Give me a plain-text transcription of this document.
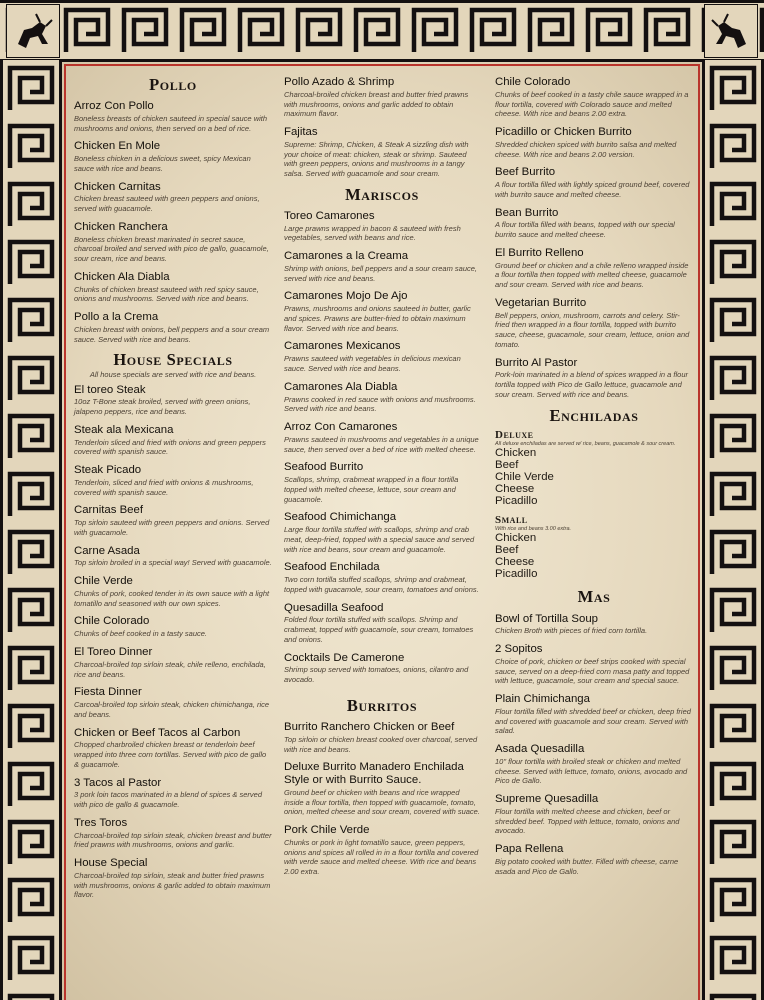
Pollo

Arroz Con Pollo

Boneless breasts of chicken sauteed in special sauce with mushrooms and onions, then served on a bed of rice.

Chicken En Mole

Boneless chicken in a delicious sweet, spicy Mexican sauce with rice and beans.

Chicken Carnitas

Chicken breast sauteed with green peppers and onions, served with guacamole.

Chicken Ranchera

Boneless chicken breast marinated in secret sauce, charcoal broiled and served with pico de gallo, guacamole, sour cream, rice and beans.

Chicken Ala Diabla

Chunks of chicken breast sauteed with red spicy sauce, onions and mushrooms. Served with rice and beans.

Pollo a la Crema

Chicken breast with onions, bell peppers and a sour cream sauce. Served with rice and beans.

House Specials

All house specials are served with rice and beans.

El toreo Steak

10oz T-Bone steak broiled, served with green onions, jalapeno peppers, rice and beans.

Steak ala Mexicana

Tenderloin sliced and fried with onions and green peppers covered with spanish sauce.

Steak Picado

Tenderloin, sliced and fried with onions & mushrooms, covered with spanish sauce.

Carnitas Beef

Top sirloin sauteed with green peppers and onions. Served with guacamole.

Carne Asada

Top sirloin broiled in a special way! Served with guacamole.

Chile Verde

Chunks of pork, cooked tender in its own sauce with a light tomatillo and seasoned with our own spices.

Chile Colorado

Chunks of beef cooked in a tasty sauce.

El Toreo Dinner

Charcoal-broiled top sirloin steak, chile relleno, enchilada, rice and beans.

Fiesta Dinner

Carcoal-broiled top sirloin steak, chicken chimichanga, rice and beans.

Chicken or Beef Tacos al Carbon

Chopped charbroiled chicken breast or tenderloin beef wrapped into three corn tortillas. Served with pico de gallo & guacamole.

3 Tacos al Pastor

3 pork loin tacos marinated in a blend of spices & served with pico de gallo & guacamole.

Tres Toros

Charcoal-broiled top sirloin steak, chicken breast and butter fried prawns with mushrooms, onions and garlic.

House Special

Charcoal-broiled top sirloin, steak and butter fried prawns with mushrooms, onions & garlic added to obtain maximum flavor.

Pollo Azado & Shrimp

Charcoal-broiled chicken breast and butter fried prawns with mushrooms, onions and garlic added to obtain maximum flavor.

Fajitas

Supreme: Shrimp, Chicken, & Steak A sizzling dish with your choice of meat: chicken, steak or shrimp. Sauteed with green peppers, onions and mushrooms in a tangy salsa. Served with guacamole and sour cream.

Mariscos

Toreo Camarones

Large prawns wrapped in bacon & sauteed with fresh vegetables, served with beans and rice.

Camarones a la Creama

Shrimp with onions, bell peppers and a sour cream sauce, served with rice and beans.

Camarones Mojo De Ajo

Prawns, mushrooms and onions sauteed in butter, garlic and spices. Prawns are butter-fried to obtain maximum flavor. Served with rice and beans.

Camarones Mexicanos

Prawns sauteed with vegetables in delicious mexican sauce. Served with rice and beans.

Camarones Ala Diabla

Prawns cooked in red sauce with onions and mushrooms. Served with rice and beans.

Arroz Con Camarones

Prawns sauteed in mushrooms and vegetables in a unique sauce, then served over a bed of rice with melted cheese.

Seafood Burrito

Scallops, shrimp, crabmeat wrapped in a flour tortilla topped with melted cheese, lettuce, sour cream and guacamole.

Seafood Chimichanga

Large flour tortilla stuffed with scallops, shrimp and crab meat, deep-fried, topped with a special sauce and served with rice and beans, sour cream and guacamole.

Seafood Enchilada

Two corn tortilla stuffed scallops, shrimp and crabmeat, topped with guacamole, sour cream, tomatoes and onions.

Quesadilla Seafood

Folded flour tortilla stuffed with scallops. Shrimp and crabmeat, topped with guacamole, sour cream, tomatoes and onions.

Cocktails De Camerone

Shrimp soup served with tomatoes, onions, cilantro and avocado.

Burritos

Burrito Ranchero Chicken or Beef

Top sirloin or chicken breast cooked over charcoal, served with rice and beans.

Deluxe Burrito Manadero Enchilada Style or with Burrito Sauce.

Ground beef or chicken with beans and rice wrapped inside a flour tortilla, then topped with guacamole, tomato, onion, melted cheese and sour cream, covered with suace.

Pork Chile Verde

Chunks or pork in light tomatillo sauce, green peppers, onions and spices all rolled in in a flour tortilla and covered with verde sauce and melted cheese. With rice and beans 2.00 extra.

Chile Colorado

Chunks of beef cooked in a tasty chile sauce wrapped in a flour tortilla, covered with Colorado sauce and melted cheese. With rice and beans 2.00 extra.

Picadillo or Chicken Burrito

Shredded chicken spiced with burrito salsa and melted cheese. With rice and beans 2.00 version.

Beef Burrito

A flour tortilla filled with lightly spiced ground beef, covered with burrito sauce and melted cheese.

Bean Burrito

A flour tortilla filled with beans, topped with our special burrito sauce and melted cheese.

El Burrito Relleno

Ground beef or chicken and a chile relleno wrapped inside a flour tortilla then topped with melted cheese, guacamole and sour cream. Served with rice and beans.

Vegetarian Burrito

Bell peppers, onion, mushroom, carrots and celery. Stir-fried then wrapped in a flour tortilla, topped with burrito sauce, cheese, guacamole, sour cream, lettuce, onion and tomato.

Burrito Al Pastor

Pork-loin marinated in a blend of spices wrapped in a flour tortilla topped with Pico de Gallo lettuce, guacamole and sour cream. Served with rice and beans.

Enchiladas

Deluxe

All deluxe enchiladas are served w/ rice, beans, guacamole & sour cream.

Chicken

Beef

Chile Verde

Cheese

Picadillo

Small

With rice and beans 3.00 extra.

Chicken

Beef

Cheese

Picadillo

Mas

Bowl of Tortilla Soup

Chicken Broth with pieces of fried corn tortilla.

2 Sopitos

Choice of pork, chicken or beef strips cooked with special sauce, served on a deep-fried corn masa patty and topped with lettuce, guacamole, sour cream and special sauce.

Plain Chimichanga

Flour tortilla filled with shredded beef or chicken, deep fried and covered with guacamole and sour cream. Served with salad.

Asada Quesadilla

10" flour tortilla with broiled steak or chicken and melted cheese. Served with lettuce, tomato, onions, avocado and Pico de Gallo.

Supreme Quesadilla

Flour tortilla with melted cheese and chicken, beef or shredded beef. Topped with lettuce, tomato, onions and avocado.

Papa Rellena

Big potato cooked with butter. Filled with cheese, carne asada and Pico de Gallo.
